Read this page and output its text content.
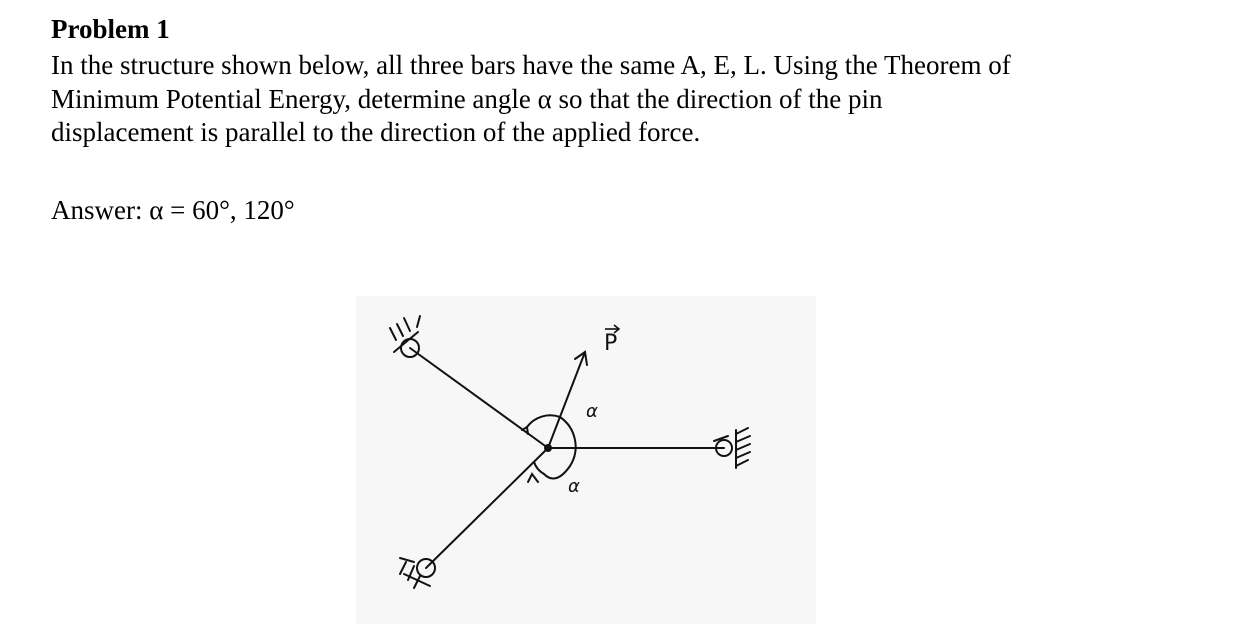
Problem 1
In the structure shown below, all three bars have the same A, E, L. Using the Theorem of
Minimum Potential Energy, determine angle α so that the direction of the pin
displacement is parallel to the direction of the applied force.
Answer: α = 60°, 120°
P
α
α
